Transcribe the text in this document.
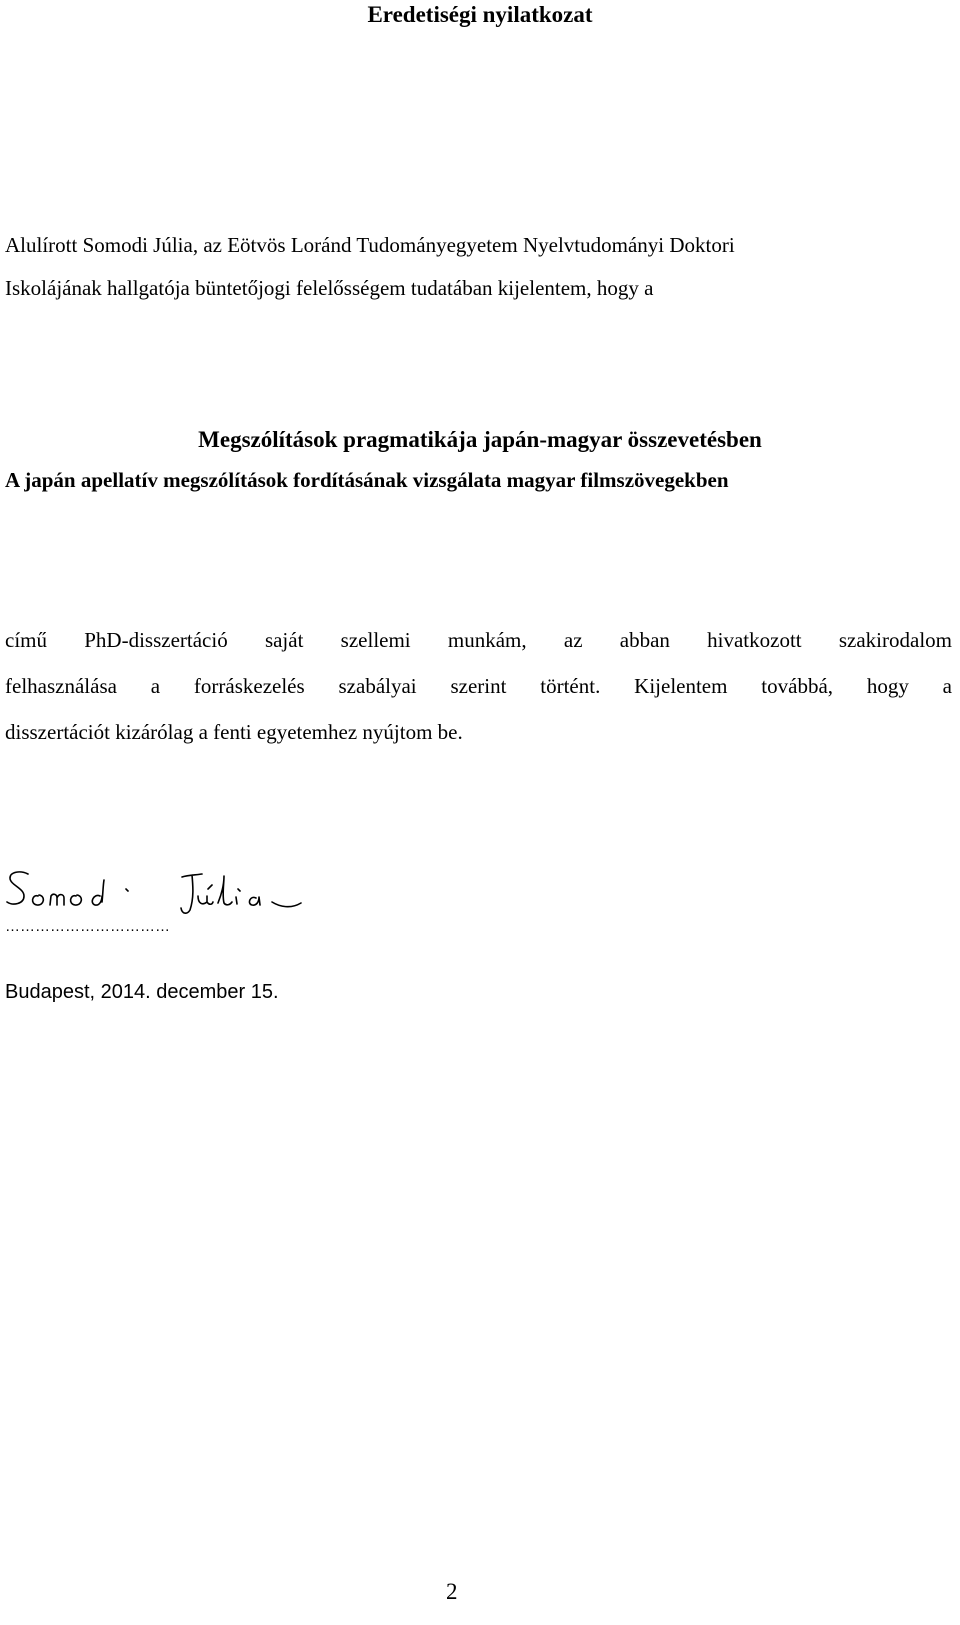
Eredetiségi nyilatkozat

Alulírott Somodi Júlia, az Eötvös Loránd Tudományegyetem Nyelvtudományi Doktori
Iskolájának hallgatója büntetőjogi felelősségem tudatában kijelentem, hogy a

Megszólítások pragmatikája japán-magyar összevetésben
A japán apellatív megszólítások fordításának vizsgálata magyar filmszövegekben

című PhD-disszertáció saját szellemi munkám, az abban hivatkozott szakirodalom
felhasználása a forráskezelés szabályai szerint történt. Kijelentem továbbá, hogy a
disszertációt kizárólag a fenti egyetemhez nyújtom be.

……………………………

Budapest, 2014. december 15.

2
